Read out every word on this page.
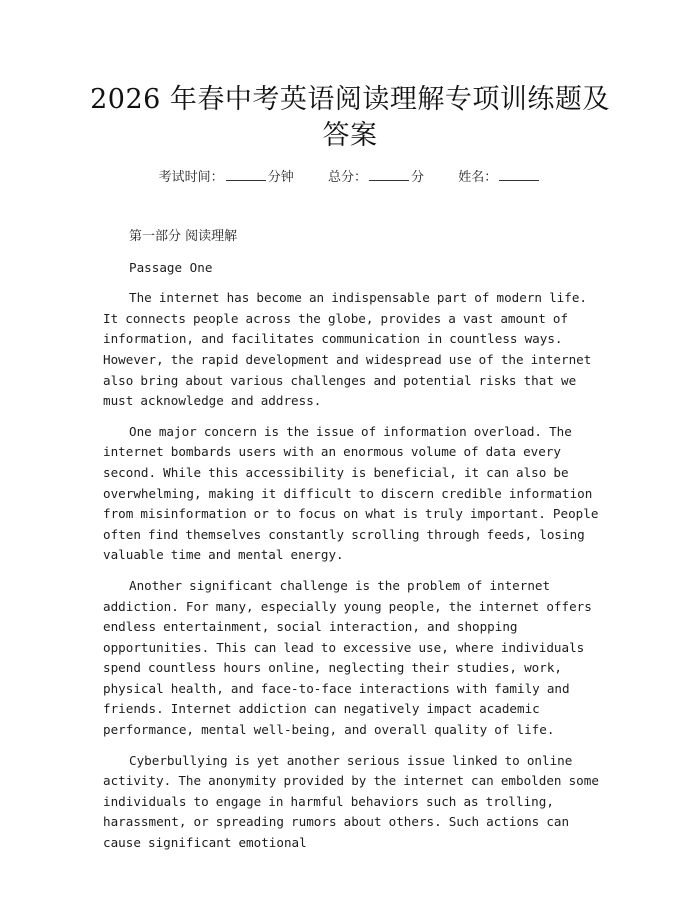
2026 年春中考英语阅读理解专项训练题及答案
考试时间：	分钟	总分：	分	姓名：

第一部分 阅读理解

Passage One

The internet has become an indispensable part of modern life. It connects people across the globe, provides a vast amount of information, and facilitates communication in countless ways. However, the rapid development and widespread use of the internet also bring about various challenges and potential risks that we must acknowledge and address.

One major concern is the issue of information overload. The internet bombards users with an enormous volume of data every second. While this accessibility is beneficial, it can also be overwhelming, making it difficult to discern credible information from misinformation or to focus on what is truly important. People often find themselves constantly scrolling through feeds, losing valuable time and mental energy.

Another significant challenge is the problem of internet addiction. For many, especially young people, the internet offers endless entertainment, social interaction, and shopping opportunities. This can lead to excessive use, where individuals spend countless hours online, neglecting their studies, work, physical health, and face-to-face interactions with family and friends. Internet addiction can negatively impact academic performance, mental well-being, and overall quality of life.

Cyberbullying is yet another serious issue linked to online activity. The anonymity provided by the internet can embolden some individuals to engage in harmful behaviors such as trolling, harassment, or spreading rumors about others. Such actions can cause significant emotional
